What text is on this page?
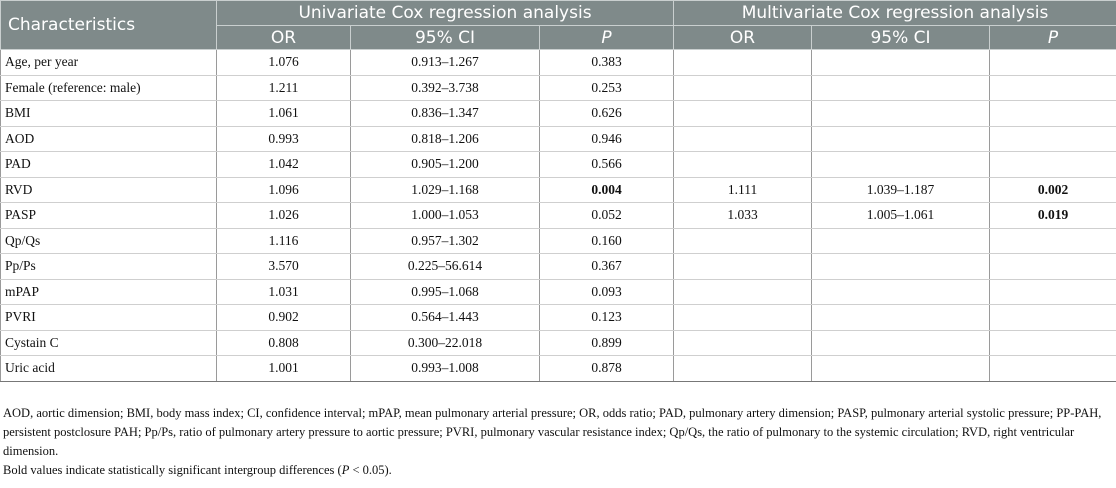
Characteristics	Univariate Cox regression analysis			Multivariate Cox regression analysis		
	OR	95% CI	P	OR	95% CI	P
Age, per year	1.076	0.913–1.267	0.383			
Female (reference: male)	1.211	0.392–3.738	0.253			
BMI	1.061	0.836–1.347	0.626			
AOD	0.993	0.818–1.206	0.946			
PAD	1.042	0.905–1.200	0.566			
RVD	1.096	1.029–1.168	0.004	1.111	1.039–1.187	0.002
PASP	1.026	1.000–1.053	0.052	1.033	1.005–1.061	0.019
Qp/Qs	1.116	0.957–1.302	0.160			
Pp/Ps	3.570	0.225–56.614	0.367			
mPAP	1.031	0.995–1.068	0.093			
PVRI	0.902	0.564–1.443	0.123			
Cystain C	0.808	0.300–22.018	0.899			
Uric acid	1.001	0.993–1.008	0.878			

AOD, aortic dimension; BMI, body mass index; CI, confidence interval; mPAP, mean pulmonary arterial pressure; OR, odds ratio; PAD, pulmonary artery dimension; PASP, pulmonary arterial systolic pressure; PP-PAH, persistent postclosure PAH; Pp/Ps, ratio of pulmonary artery pressure to aortic pressure; PVRI, pulmonary vascular resistance index; Qp/Qs, the ratio of pulmonary to the systemic circulation; RVD, right ventricular dimension.

Bold values indicate statistically significant intergroup differences (P < 0.05).
